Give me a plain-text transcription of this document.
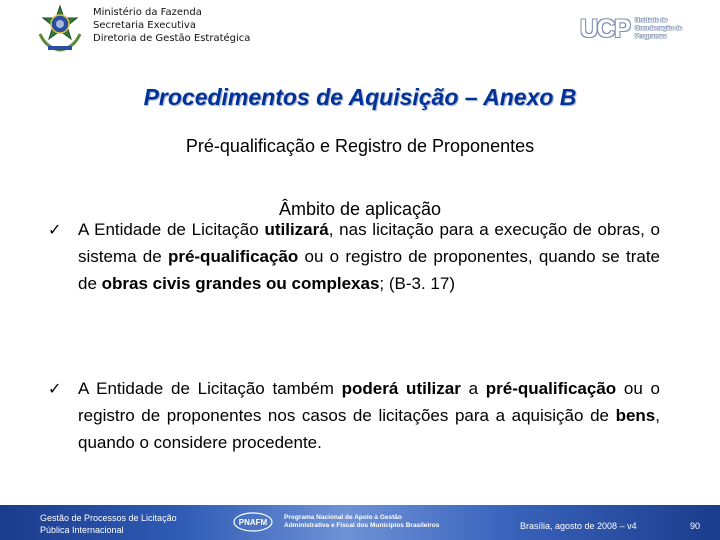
Ministério da Fazenda
Secretaria Executiva
Diretoria de Gestão Estratégica	UCP Unidade de Coordenação de Programas
Procedimentos de Aquisição – Anexo B
Pré-qualificação e Registro de Proponentes
Âmbito de aplicação
✓ A Entidade de Licitação utilizará, nas licitação para a execução de obras, o sistema de pré-qualificação ou o registro de proponentes, quando se trate de obras civis grandes ou complexas; (B-3. 17)
✓ A Entidade de Licitação também poderá utilizar a pré-qualificação ou o registro de proponentes nos casos de licitações para a aquisição de bens, quando o considere procedente.
Gestão de Processos de Licitação
Pública Internacional
PNAFM
Programa Nacional de Apoio à Gestão
Administrativa e Fiscal dos Municípios Brasileiros	Brasília, agosto de 2008 – v4	90
